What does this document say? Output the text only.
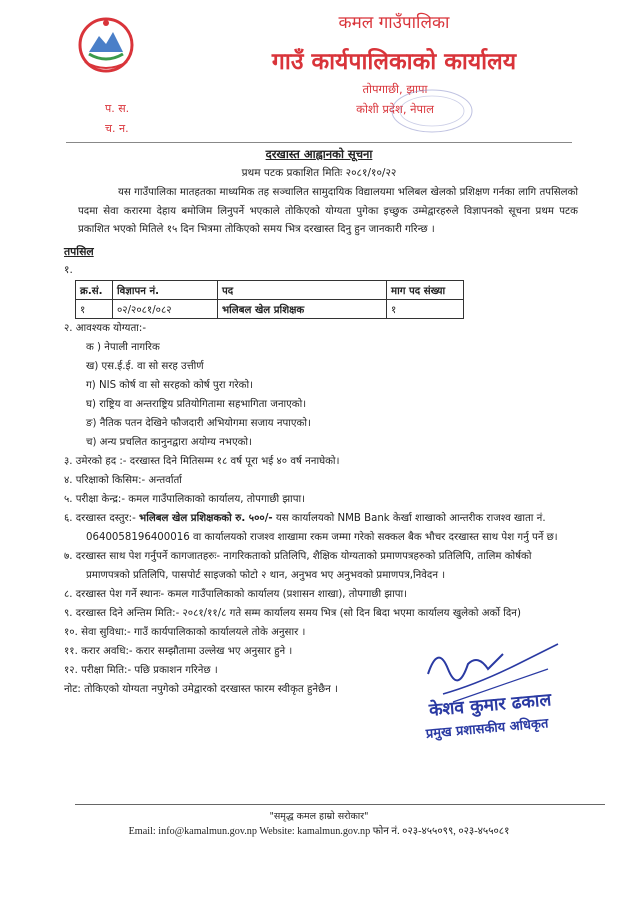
कमल गाउँपालिका
गाउँ कार्यपालिकाको कार्यालय
तोपगाछी, झापा
कोशी प्रदेश, नेपाल
प. स.
च. न.
दरखास्त आह्वानको सूचना
प्रथम पटक प्रकाशित मितिः २०८१/१०/२२
यस गाउँपालिका मातहतका माध्यमिक तह सञ्चालित सामुदायिक विद्यालयमा भलिबल खेलको प्रशिक्षण गर्नका लागि तपसिलको पदमा सेवा करारमा देहाय बमोजिम लिनुपर्ने भएकाले तोकिएको योग्यता पुगेका इच्छुक उम्मेद्वारहरुले विज्ञापनको सूचना प्रथम पटक प्रकाशित भएको मितिले १५ दिन भित्रमा तोकिएको समय भित्र दरखास्त दिनु हुन जानकारी गरिन्छ ।
तपसिल
१.
क्र.सं.	विज्ञापन नं.	पद	माग पद संख्या
१	०२/२०८१/०८२	भलिबल खेल प्रशिक्षक	१
२. आवश्यक योग्यता:-
क ) नेपाली नागरिक
ख) एस.ई.ई. वा सो सरह उत्तीर्ण
ग) NIS कोर्ष वा सो सरहको कोर्ष पुरा गरेको।
घ) राष्ट्रिय वा अन्तराष्ट्रिय प्रतियोगितामा सहभागिता जनाएको।
ङ) नैतिक पतन देखिने फौजदारी अभियोगमा सजाय नपाएको।
च) अन्य प्रचलित कानुनद्वारा अयोग्य नभएको।
३. उमेरको हद :- दरखास्त दिने मितिसम्म १८ वर्ष पूरा भई ४० वर्ष ननाघेको।
४. परिक्षाको किसिम:- अन्तर्वार्ता
५. परीक्षा केन्द्र:- कमल गाउँपालिकाको कार्यालय, तोपगाछी झापा।
६. दरखास्त दस्तुर:- भलिबल खेल प्रशिक्षकको रु. ५००/- यस कार्यालयको NMB Bank केर्खा शाखाको आन्तरीक राजश्व खाता नं.
0640058196400016 वा कार्यालयको राजश्व शाखामा रकम जम्मा गरेको सक्कल बैक भौचर दरखास्त साथ पेश गर्नु पर्ने छ।
७. दरखास्त साथ पेश गर्नुपर्ने कागजातहरुः- नागरिकताको प्रतिलिपि, शैक्षिक योग्यताको प्रमाणपत्रहरुको प्रतिलिपि, तालिम कोर्षको
प्रमाणपत्रको प्रतिलिपि, पासपोर्ट साइजको फोटो २ थान, अनुभव भए अनुभवको प्रमाणपत्र,निवेदन ।
८. दरखास्त पेश गर्ने स्थानः- कमल गाउँपालिकाको कार्यालय (प्रशासन शाखा), तोपगाछी झापा।
९. दरखास्त दिने अन्तिम मिति:- २०८१/११/८ गते सम्म कार्यालय समय भित्र (सो दिन बिदा भएमा कार्यालय खुलेको अर्को दिन)
१०. सेवा सुविधा:- गाउँ कार्यपालिकाको कार्यालयले तोके अनुसार ।
११. करार अवधि:- करार सम्झौतामा उल्लेख भए अनुसार हुने ।
१२. परीक्षा मिति:- पछि प्रकाशन गरिनेछ ।
नोट: तोकिएको योग्यता नपुगेको उमेद्वारको दरखास्त फारम स्वीकृत हुनेछैन ।
केशव कुमार ढकाल
प्रमुख प्रशासकीय अधिकृत
"समृद्ध कमल हाम्रो सरोकार"
Email: info@kamalmun.gov.np Website: kamalmun.gov.np फोन नं. ०२३-४५५०९९, ०२३-४५५०८१
